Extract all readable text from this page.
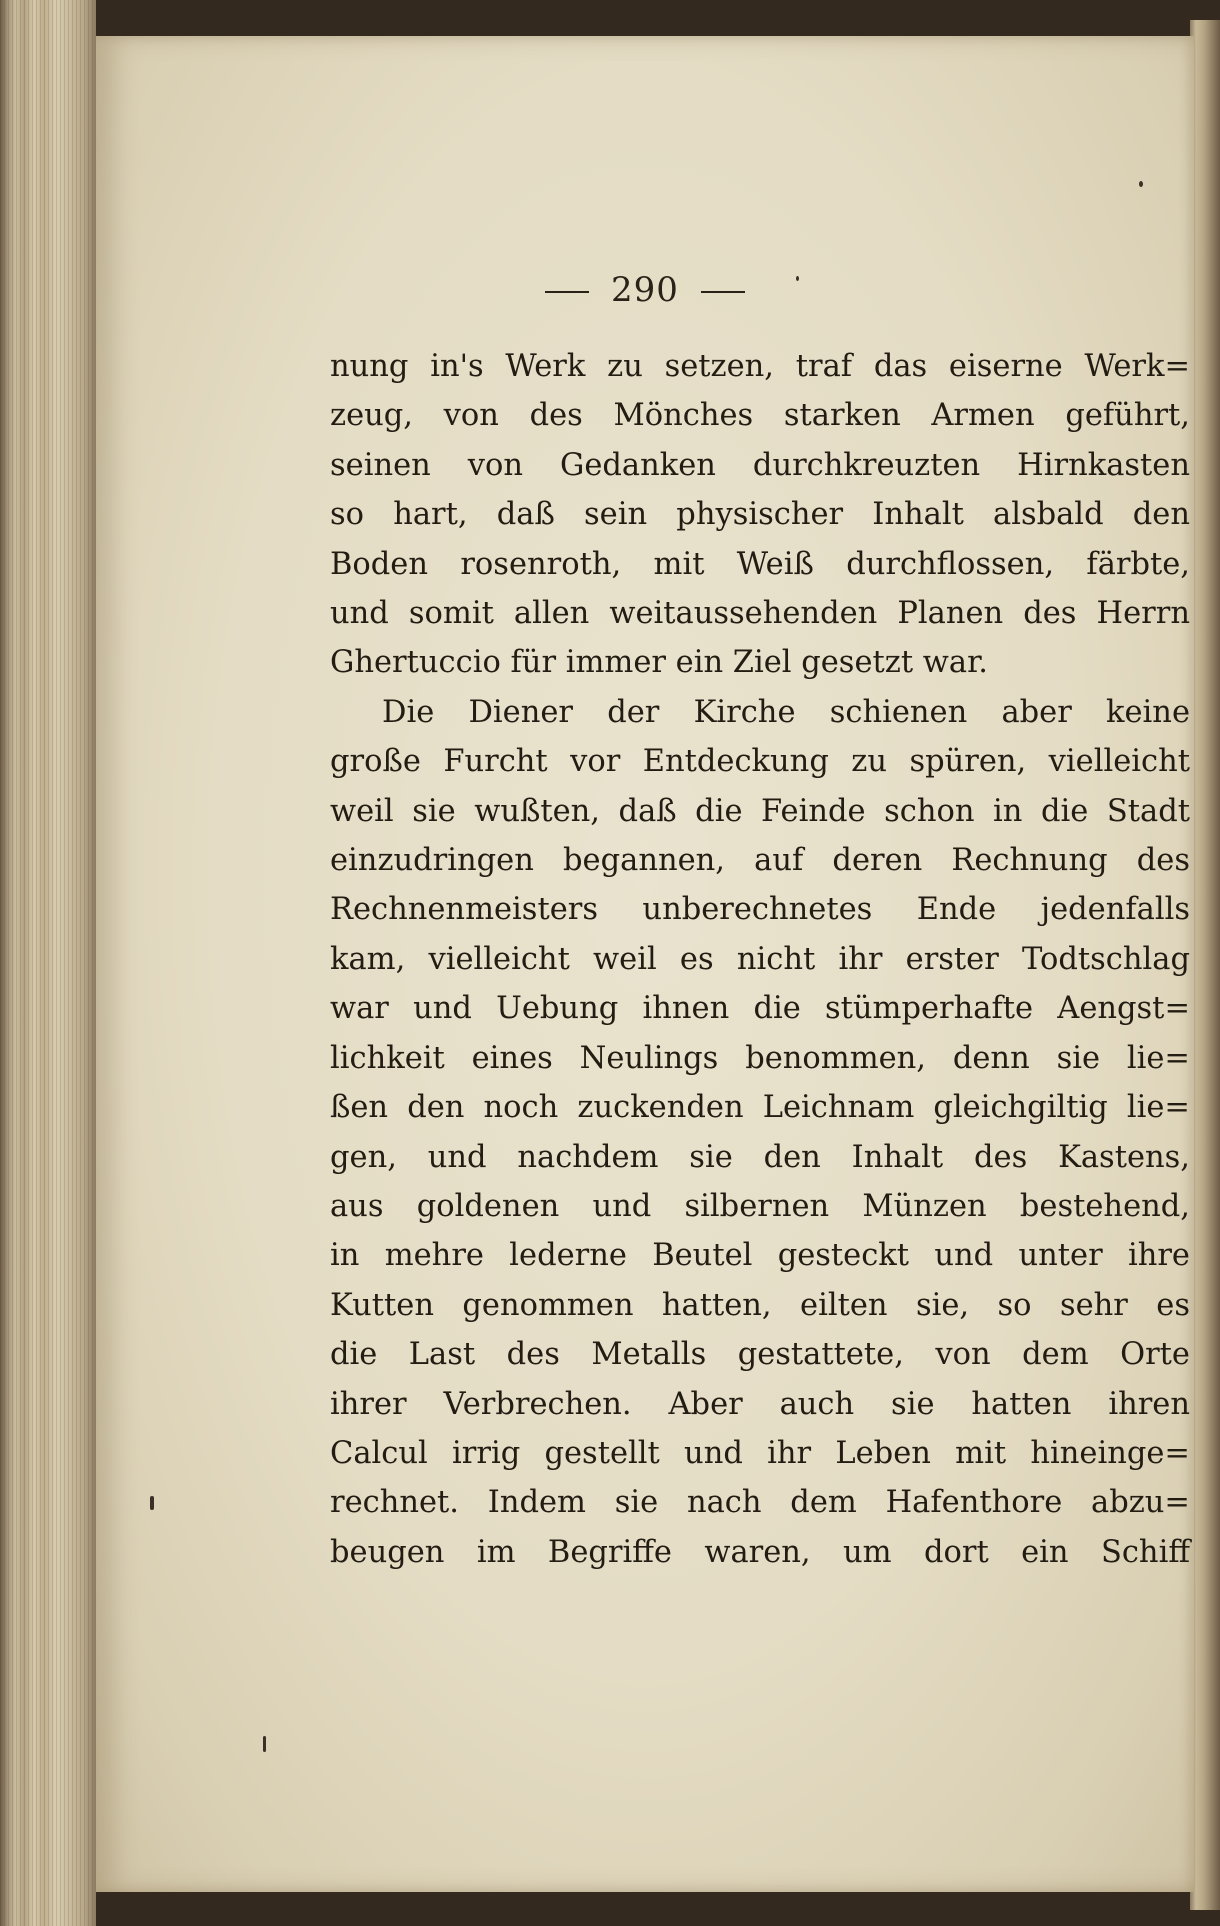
290
nung in's Werk zu setzen, traf das eiserne Werk=
zeug, von des Mönches starken Armen geführt,
seinen von Gedanken durchkreuzten Hirnkasten
so hart, daß sein physischer Inhalt alsbald den
Boden rosenroth, mit Weiß durchflossen, färbte,
und somit allen weitaussehenden Planen des Herrn
Ghertuccio für immer ein Ziel gesetzt war.
Die Diener der Kirche schienen aber keine
große Furcht vor Entdeckung zu spüren, vielleicht
weil sie wußten, daß die Feinde schon in die Stadt
einzudringen begannen, auf deren Rechnung des
Rechnenmeisters unberechnetes Ende jedenfalls
kam, vielleicht weil es nicht ihr erster Todtschlag
war und Uebung ihnen die stümperhafte Aengst=
lichkeit eines Neulings benommen, denn sie lie=
ßen den noch zuckenden Leichnam gleichgiltig lie=
gen, und nachdem sie den Inhalt des Kastens,
aus goldenen und silbernen Münzen bestehend,
in mehre lederne Beutel gesteckt und unter ihre
Kutten genommen hatten, eilten sie, so sehr es
die Last des Metalls gestattete, von dem Orte
ihrer Verbrechen. Aber auch sie hatten ihren
Calcul irrig gestellt und ihr Leben mit hineinge=
rechnet. Indem sie nach dem Hafenthore abzu=
beugen im Begriffe waren, um dort ein Schiff
